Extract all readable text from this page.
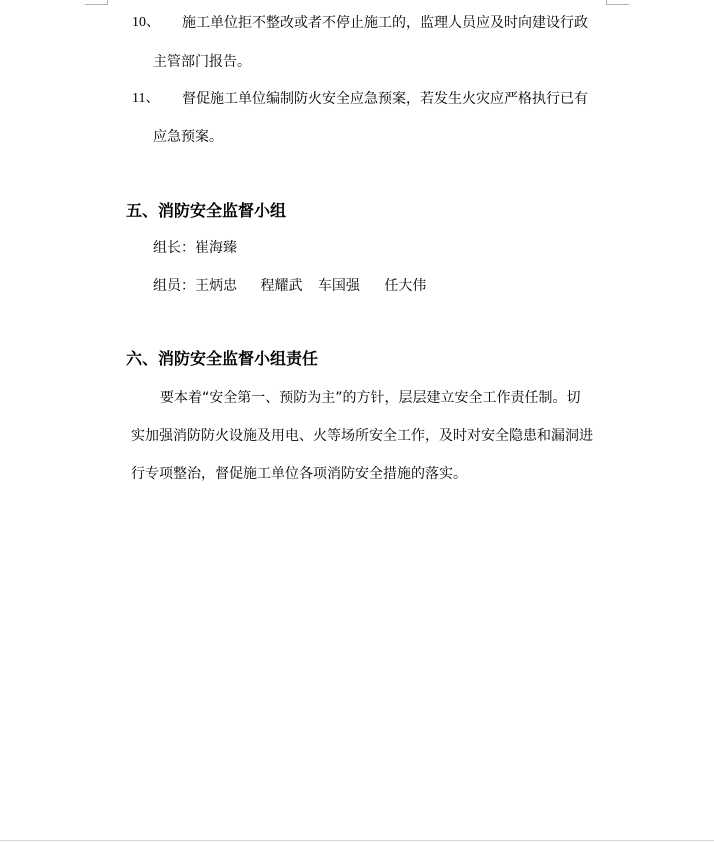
10、 施工单位拒不整改或者不停止施工的，监理人员应及时向建设行政
主管部门报告。
11、 督促施工单位编制防火安全应急预案，若发生火灾应严格执行已有
应急预案。
五、消防安全监督小组
组长：崔海臻
组员：王炳忠 程耀武 车国强 任大伟
六、消防安全监督小组责任
要本着“安全第一、预防为主”的方针，层层建立安全工作责任制。切
实加强消防防火设施及用电、火等场所安全工作，及时对安全隐患和漏洞进
行专项整治，督促施工单位各项消防安全措施的落实。
